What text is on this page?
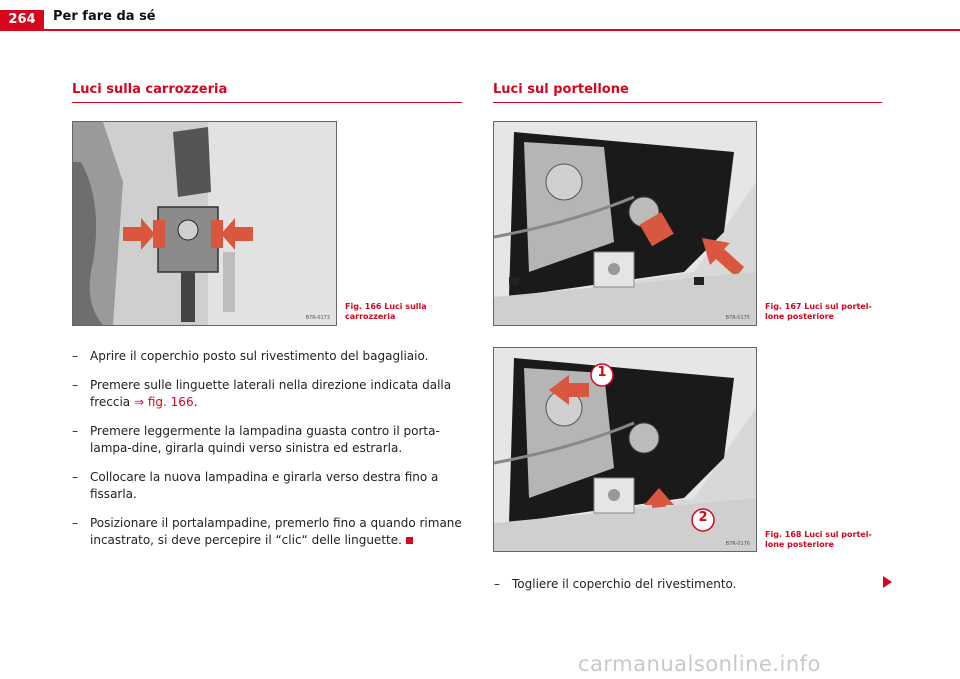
264	Per fare da sé
Luci sulla carrozzeria
B7R-0173
Fig. 166 Luci sulla
carrozzeria
– Aprire il coperchio posto sul rivestimento del bagagliaio.
– Premere sulle linguette laterali nella direzione indicata dalla freccia ⇒ fig. 166.
– Premere leggermente la lampadina guasta contro il porta-lampa-dine, girarla quindi verso sinistra ed estrarla.
– Collocare la nuova lampadina e girarla verso destra fino a fissarla.
– Posizionare il portalampadine, premerlo fino a quando rimane incastrato, si deve percepire il “clic“ delle linguette.
Luci sul portellone
B7R-0175
Fig. 167 Luci sul portel-
lone posteriore
1
2
B7R-0176
Fig. 168 Luci sul portel-
lone posteriore
– Togliere il coperchio del rivestimento.
carmanualsonline.info
